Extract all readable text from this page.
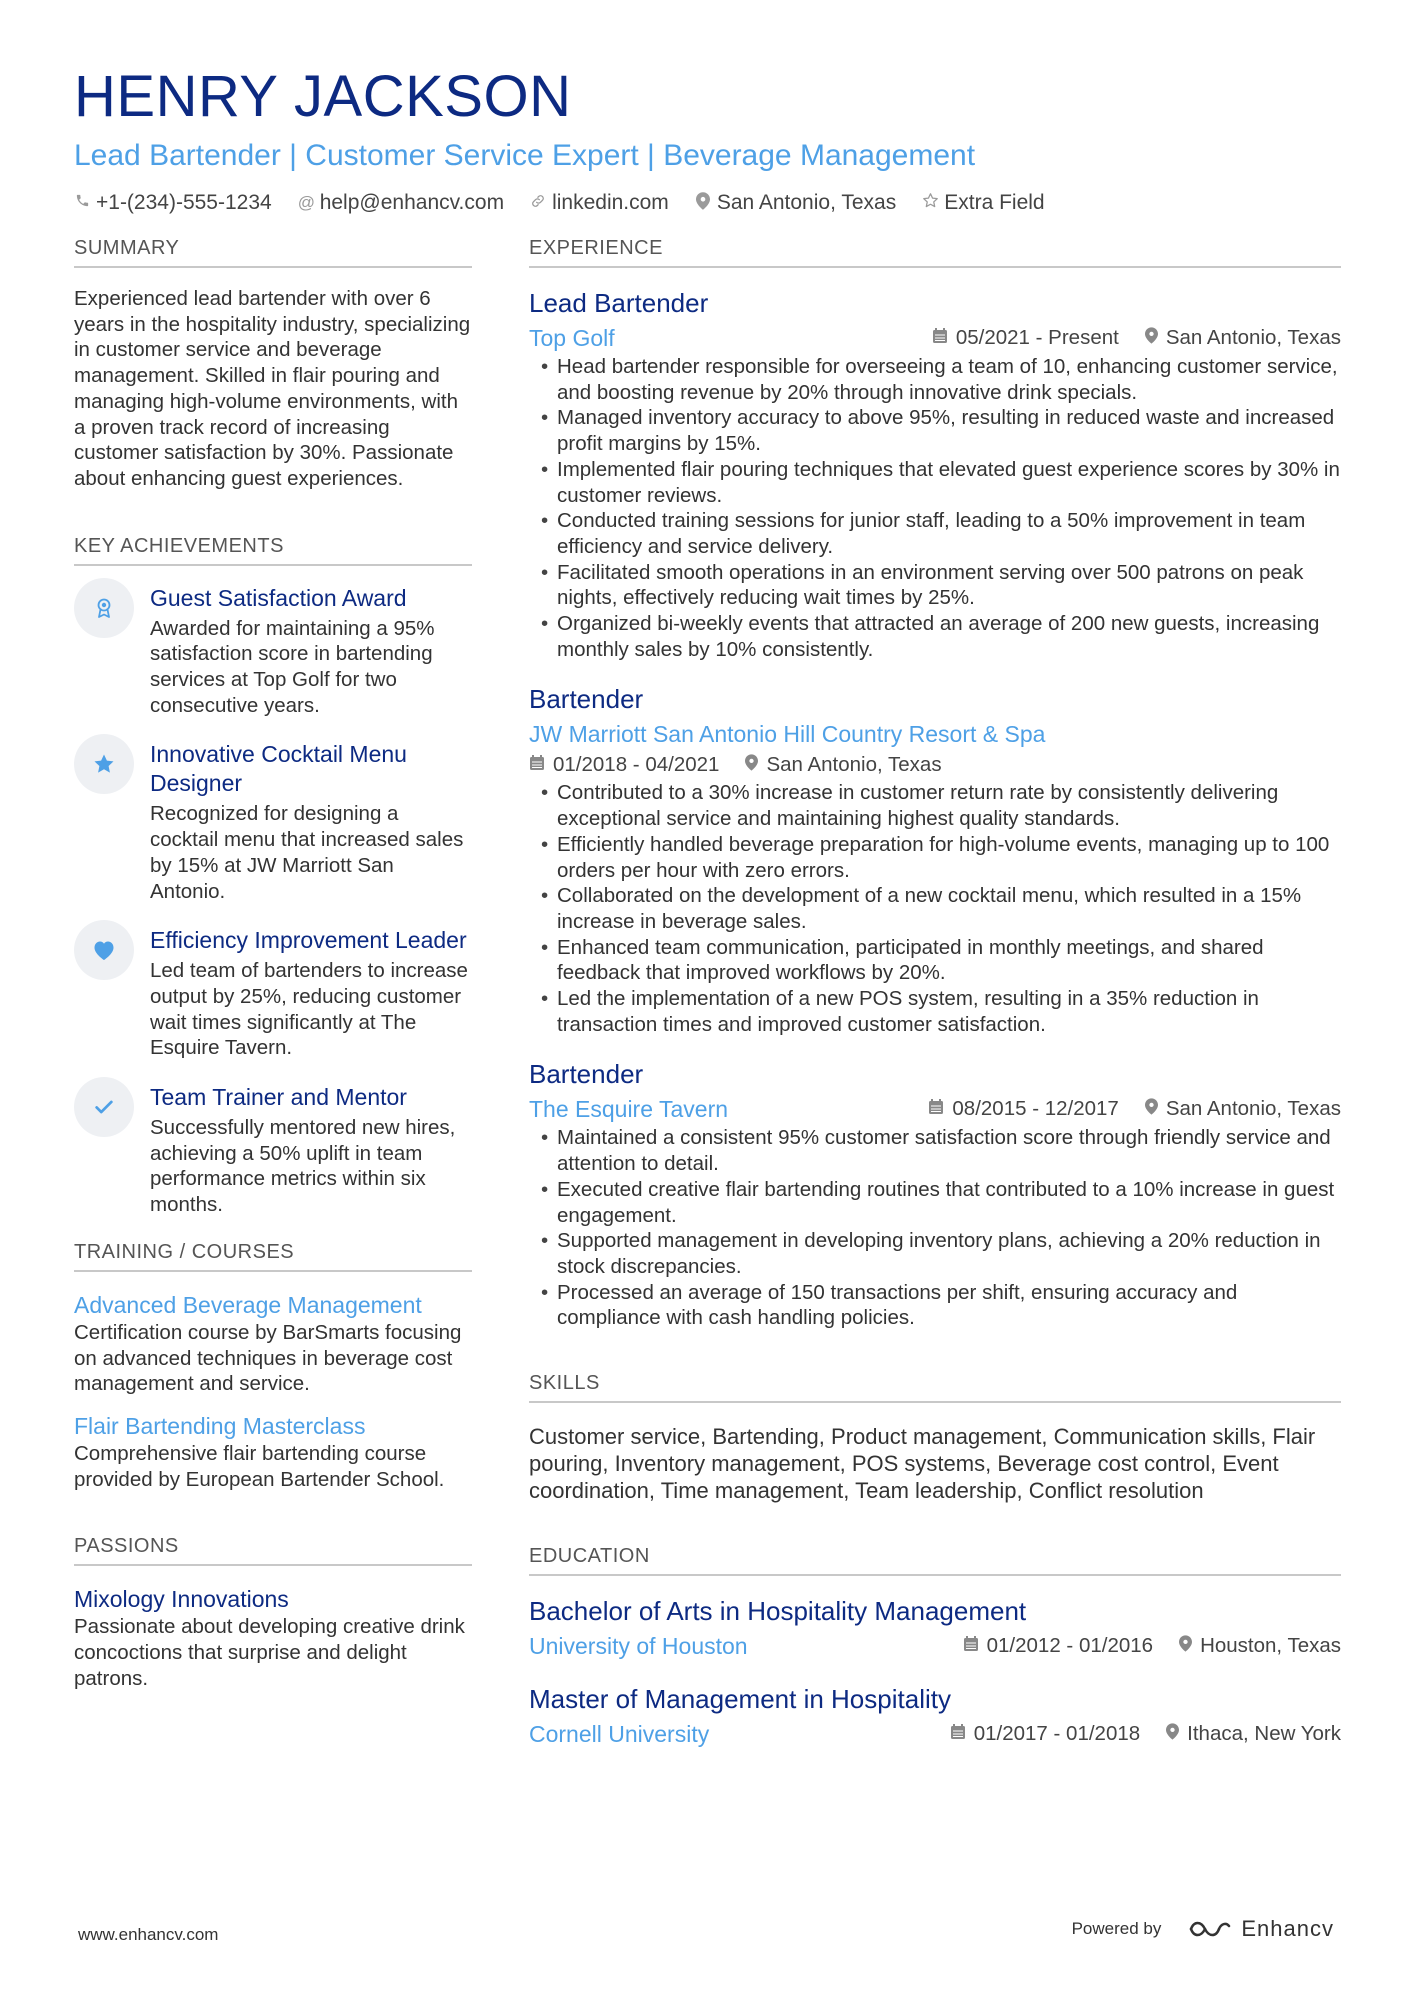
HENRY JACKSON
Lead Bartender | Customer Service Expert | Beverage Management
+1-(234)-555-1234 @ help@enhancv.com linkedin.com San Antonio, Texas Extra Field
SUMMARY
Experienced lead bartender with over 6 years in the hospitality industry, specializing in customer service and beverage management. Skilled in flair pouring and managing high-volume environments, with a proven track record of increasing customer satisfaction by 30%. Passionate about enhancing guest experiences.
KEY ACHIEVEMENTS
Guest Satisfaction Award
Awarded for maintaining a 95% satisfaction score in bartending services at Top Golf for two consecutive years.
Innovative Cocktail Menu Designer
Recognized for designing a cocktail menu that increased sales by 15% at JW Marriott San Antonio.
Efficiency Improvement Leader
Led team of bartenders to increase output by 25%, reducing customer wait times significantly at The Esquire Tavern.
Team Trainer and Mentor
Successfully mentored new hires, achieving a 50% uplift in team performance metrics within six months.
TRAINING / COURSES
Advanced Beverage Management
Certification course by BarSmarts focusing on advanced techniques in beverage cost management and service.
Flair Bartending Masterclass
Comprehensive flair bartending course provided by European Bartender School.
PASSIONS
Mixology Innovations
Passionate about developing creative drink concoctions that surprise and delight patrons.
EXPERIENCE
Lead Bartender
Top Golf	05/2021 - Present San Antonio, Texas
• Head bartender responsible for overseeing a team of 10, enhancing customer service, and boosting revenue by 20% through innovative drink specials.
• Managed inventory accuracy to above 95%, resulting in reduced waste and increased profit margins by 15%.
• Implemented flair pouring techniques that elevated guest experience scores by 30% in customer reviews.
• Conducted training sessions for junior staff, leading to a 50% improvement in team efficiency and service delivery.
• Facilitated smooth operations in an environment serving over 500 patrons on peak nights, effectively reducing wait times by 25%.
• Organized bi-weekly events that attracted an average of 200 new guests, increasing monthly sales by 10% consistently.
Bartender
JW Marriott San Antonio Hill Country Resort & Spa
01/2018 - 04/2021 San Antonio, Texas
• Contributed to a 30% increase in customer return rate by consistently delivering exceptional service and maintaining highest quality standards.
• Efficiently handled beverage preparation for high-volume events, managing up to 100 orders per hour with zero errors.
• Collaborated on the development of a new cocktail menu, which resulted in a 15% increase in beverage sales.
• Enhanced team communication, participated in monthly meetings, and shared feedback that improved workflows by 20%.
• Led the implementation of a new POS system, resulting in a 35% reduction in transaction times and improved customer satisfaction.
Bartender
The Esquire Tavern	08/2015 - 12/2017 San Antonio, Texas
• Maintained a consistent 95% customer satisfaction score through friendly service and attention to detail.
• Executed creative flair bartending routines that contributed to a 10% increase in guest engagement.
• Supported management in developing inventory plans, achieving a 20% reduction in stock discrepancies.
• Processed an average of 150 transactions per shift, ensuring accuracy and compliance with cash handling policies.
SKILLS
Customer service, Bartending, Product management, Communication skills, Flair pouring, Inventory management, POS systems, Beverage cost control, Event coordination, Time management, Team leadership, Conflict resolution
EDUCATION
Bachelor of Arts in Hospitality Management
University of Houston	01/2012 - 01/2016 Houston, Texas
Master of Management in Hospitality
Cornell University	01/2017 - 01/2018 Ithaca, New York
www.enhancv.com	Powered by	Enhancv
